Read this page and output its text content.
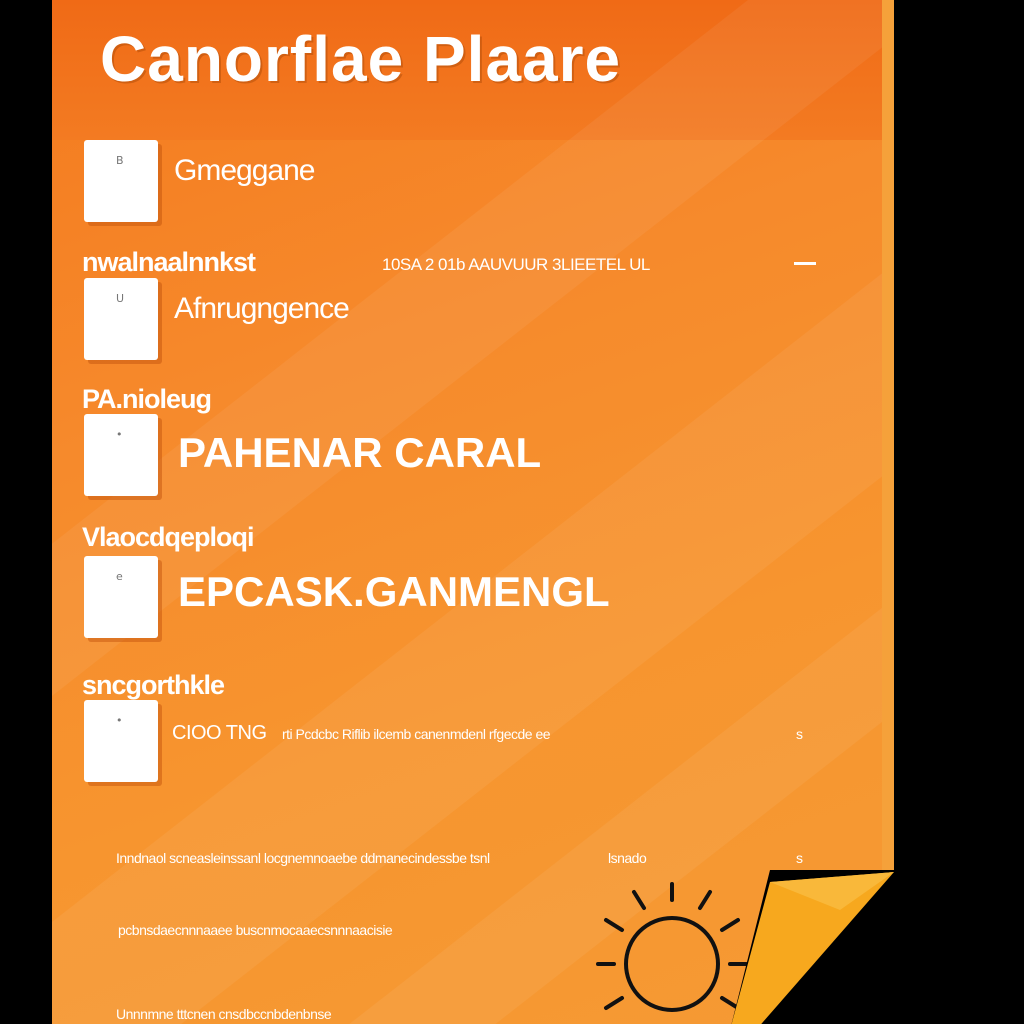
Canorflae Plaare
B Gmeggane
nwalnaalnnkst	10SA 2 01b AAUVUUR 3LIEETEL UL
U Afnrugngence
PA.nioleug
• PAHENAR CARAL
Vlaocdqeploqi
e EPCASK.GANMENGL
sncgorthkle
•
CIOO TNG rti Pcdcbc Riflib ilcemb canenmdenl rfgecde ee	s
Inndnaol scneasleinssanl locgnemnoaebe ddmanecindessbe tsnl	lsnado	s
pcbnsdaecnnnaaee buscnmocaaecsnnnaacisie
Unnnmne tttcnen cnsdbccnbdenbnse
